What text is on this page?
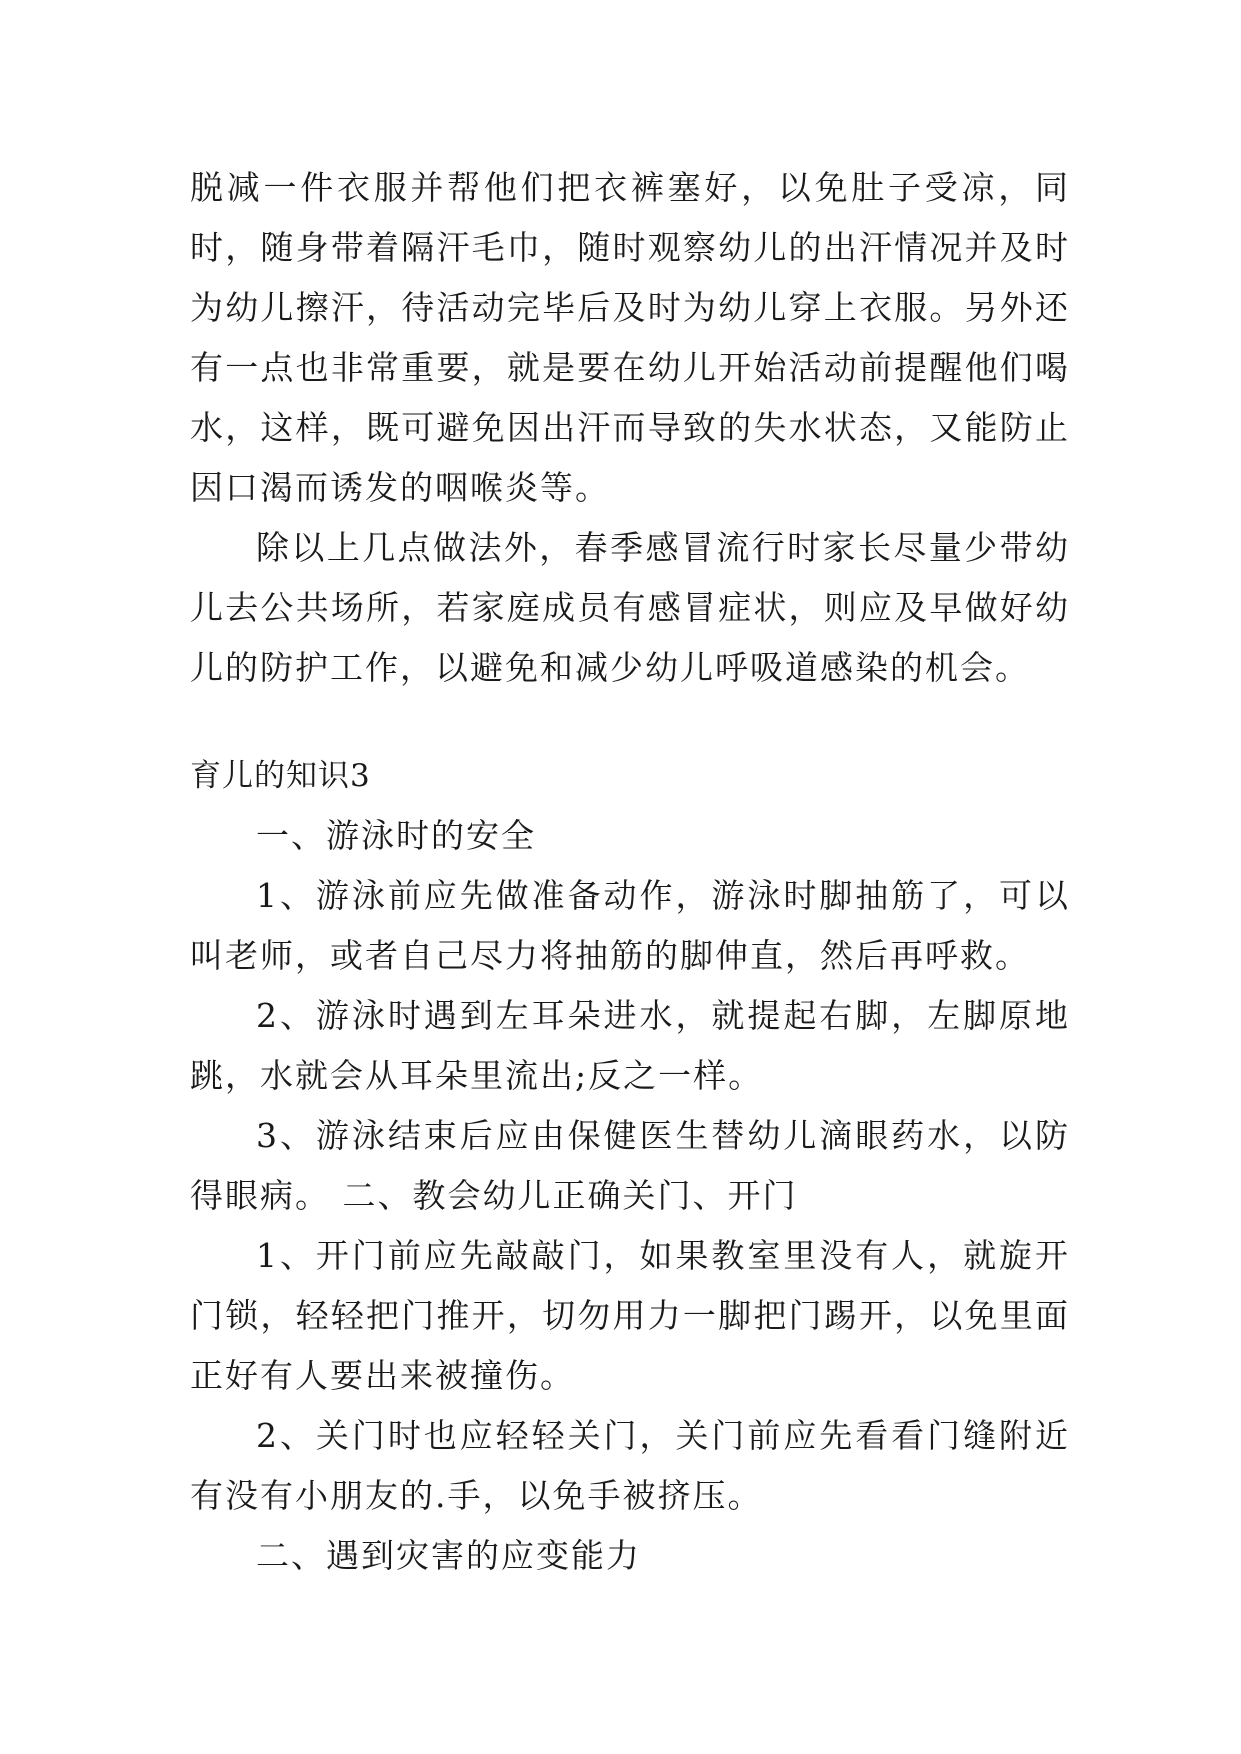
脱减一件衣服并帮他们把衣裤塞好，以免肚子受凉，同时，随身带着隔汗毛巾，随时观察幼儿的出汗情况并及时为幼儿擦汗，待活动完毕后及时为幼儿穿上衣服。另外还有一点也非常重要，就是要在幼儿开始活动前提醒他们喝水，这样，既可避免因出汗而导致的失水状态，又能防止因口渴而诱发的咽喉炎等。

除以上几点做法外，春季感冒流行时家长尽量少带幼儿去公共场所，若家庭成员有感冒症状，则应及早做好幼儿的防护工作，以避免和减少幼儿呼吸道感染的机会。

育儿的知识3

一、游泳时的安全

1、游泳前应先做准备动作，游泳时脚抽筋了，可以叫老师，或者自己尽力将抽筋的脚伸直，然后再呼救。

2、游泳时遇到左耳朵进水，就提起右脚，左脚原地跳，水就会从耳朵里流出;反之一样。

3、游泳结束后应由保健医生替幼儿滴眼药水，以防得眼病。 二、教会幼儿正确关门、开门

1、开门前应先敲敲门，如果教室里没有人，就旋开门锁，轻轻把门推开，切勿用力一脚把门踢开，以免里面正好有人要出来被撞伤。

2、关门时也应轻轻关门，关门前应先看看门缝附近有没有小朋友的.手，以免手被挤压。

二、遇到灾害的应变能力
